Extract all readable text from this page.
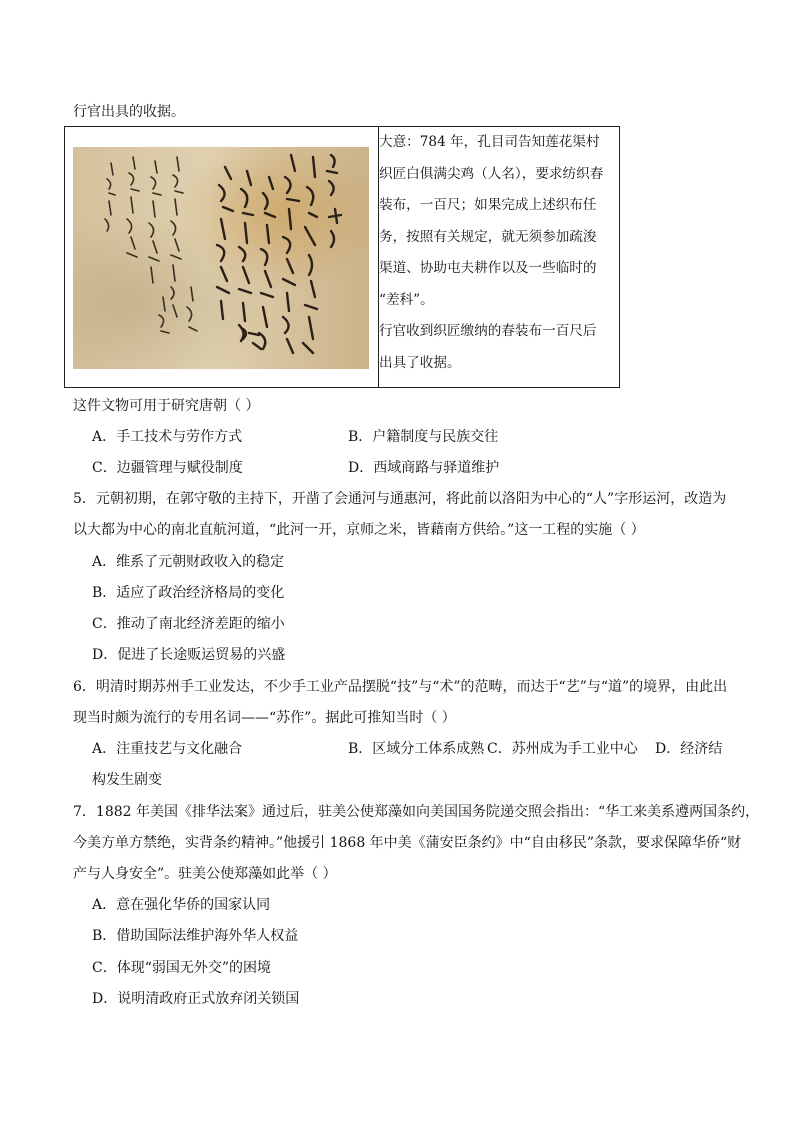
行官出具的收据。

大意：784 年，孔目司告知莲花渠村
织匠白俱满尖鸡（人名），要求纺织春
装布，一百尺；如果完成上述织布任
务，按照有关规定，就无须参加疏浚
渠道、协助屯夫耕作以及一些临时的
“差科”。
行官收到织匠缴纳的春装布一百尺后
出具了收据。
这件文物可用于研究唐朝（ ）
A．手工技术与劳作方式	B．户籍制度与民族交往
C．边疆管理与赋役制度	D．西域商路与驿道维护
5．元朝初期，在郭守敬的主持下，开凿了会通河与通惠河，将此前以洛阳为中心的“人”字形运河，改造为
以大都为中心的南北直航河道，“此河一开，京师之米，皆藉南方供给。”这一工程的实施（ ）
A．维系了元朝财政收入的稳定
B．适应了政治经济格局的变化
C．推动了南北经济差距的缩小
D．促进了长途贩运贸易的兴盛
6．明清时期苏州手工业发达，不少手工业产品摆脱“技”与“术”的范畴，而达于“艺”与“道”的境界，由此出
现当时颇为流行的专用名词——“苏作”。据此可推知当时（ ）
A．注重技艺与文化融合	B．区域分工体系成熟 C．苏州成为手工业中心 D．经济结
构发生剧变
7．1882 年美国《排华法案》通过后，驻美公使郑藻如向美国国务院递交照会指出：“华工来美系遵两国条约，
今美方单方禁绝，实背条约精神。”他援引 1868 年中美《蒲安臣条约》中“自由移民”条款，要求保障华侨“财
产与人身安全”。驻美公使郑藻如此举（ ）
A．意在强化华侨的国家认同
B．借助国际法维护海外华人权益
C．体现“弱国无外交”的困境
D．说明清政府正式放弃闭关锁国
